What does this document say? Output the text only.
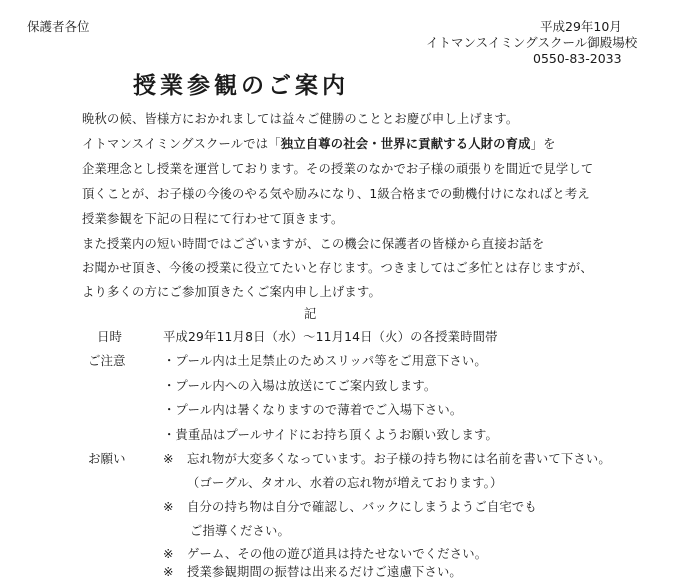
保護者各位	平成29年10月
イトマンスイミングスクール御殿場校
0550-83-2033
授業参観のご案内
晩秋の候、皆様方におかれましては益々ご健勝のこととお慶び申し上げます。
イトマンスイミングスクールでは「独立自尊の社会・世界に貢献する人財の育成」を
企業理念とし授業を運営しております。その授業のなかでお子様の頑張りを間近で見学して
頂くことが、お子様の今後のやる気や励みになり、1級合格までの動機付けになればと考え
授業参観を下記の日程にて行わせて頂きます。
また授業内の短い時間ではございますが、この機会に保護者の皆様から直接お話を
お聞かせ頂き、今後の授業に役立てたいと存じます。つきましてはご多忙とは存じますが、
より多くの方にご参加頂きたくご案内申し上げます。
記
日時	平成29年11月8日（水）～11月14日（火）の各授業時間帯
ご注意	・プール内は土足禁止のためスリッパ等をご用意下さい。
・プール内への入場は放送にてご案内致します。
・プール内は暑くなりますので薄着でご入場下さい。
・貴重品はプールサイドにお持ち頂くようお願い致します。
お願い	※ 忘れ物が大変多くなっています。お子様の持ち物には名前を書いて下さい。
（ゴーグル、タオル、水着の忘れ物が増えております。）
※ 自分の持ち物は自分で確認し、バックにしまうようご自宅でも
ご指導ください。
※ ゲーム、その他の遊び道具は持たせないでください。
※ 授業参観期間の振替は出来るだけご遠慮下さい。
